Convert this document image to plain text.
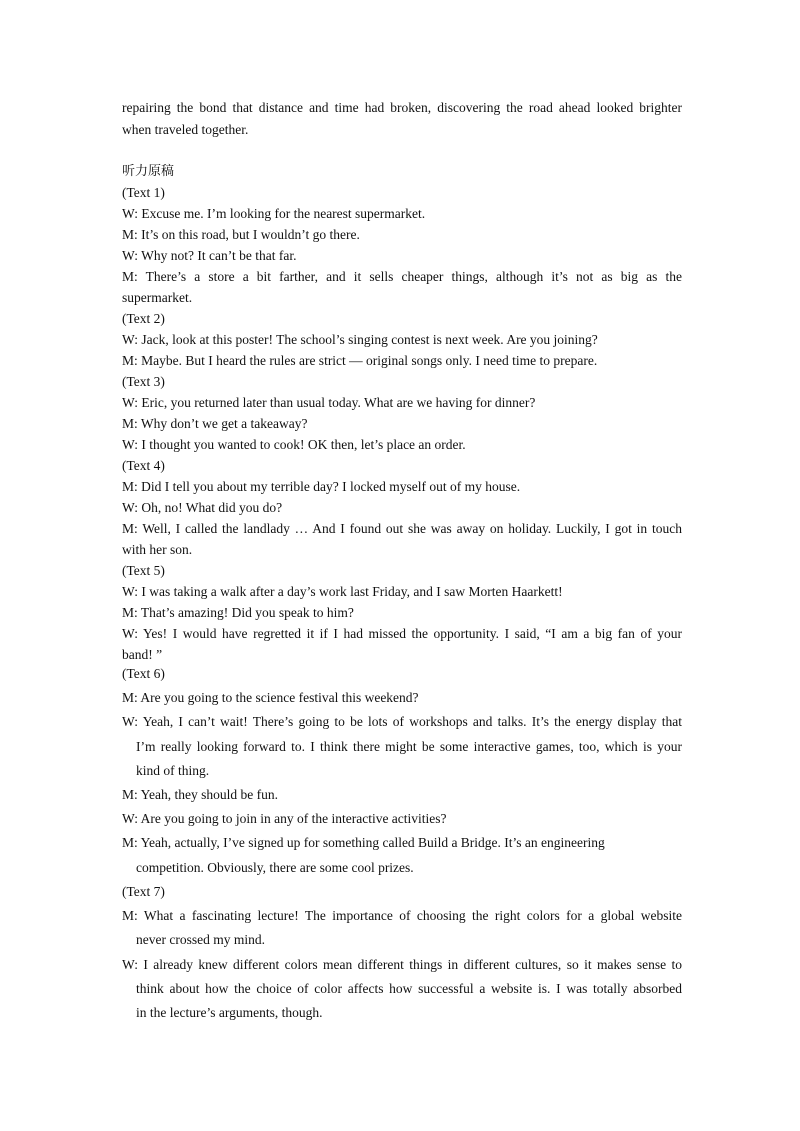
repairing the bond that distance and time had broken, discovering the road ahead looked brighter
when traveled together.
听力原稿
(Text 1)
W: Excuse me. I’m looking for the nearest supermarket.
M: It’s on this road, but I wouldn’t go there.
W: Why not? It can’t be that far.
M: There’s a store a bit farther, and it sells cheaper things, although it’s not as big as the
supermarket.
(Text 2)
W: Jack, look at this poster! The school’s singing contest is next week. Are you joining?
M: Maybe. But I heard the rules are strict — original songs only. I need time to prepare.
(Text 3)
W: Eric, you returned later than usual today. What are we having for dinner?
M: Why don’t we get a takeaway?
W: I thought you wanted to cook! OK then, let’s place an order.
(Text 4)
M: Did I tell you about my terrible day? I locked myself out of my house.
W: Oh, no! What did you do?
M: Well, I called the landlady … And I found out she was away on holiday. Luckily, I got in touch
with her son.
(Text 5)
W: I was taking a walk after a day’s work last Friday, and I saw Morten Haarkett!
M: That’s amazing! Did you speak to him?
W: Yes! I would have regretted it if I had missed the opportunity. I said, “I am a big fan of your
band! ”
(Text 6)
M: Are you going to the science festival this weekend?
W: Yeah, I can’t wait! There’s going to be lots of workshops and talks. It’s the energy display that
I’m really looking forward to. I think there might be some interactive games, too, which is your
kind of thing.
M: Yeah, they should be fun.
W: Are you going to join in any of the interactive activities?
M: Yeah, actually, I’ve signed up for something called Build a Bridge. It’s an engineering
competition. Obviously, there are some cool prizes.
(Text 7)
M: What a fascinating lecture! The importance of choosing the right colors for a global website
never crossed my mind.
W: I already knew different colors mean different things in different cultures, so it makes sense to
think about how the choice of color affects how successful a website is. I was totally absorbed
in the lecture’s arguments, though.
